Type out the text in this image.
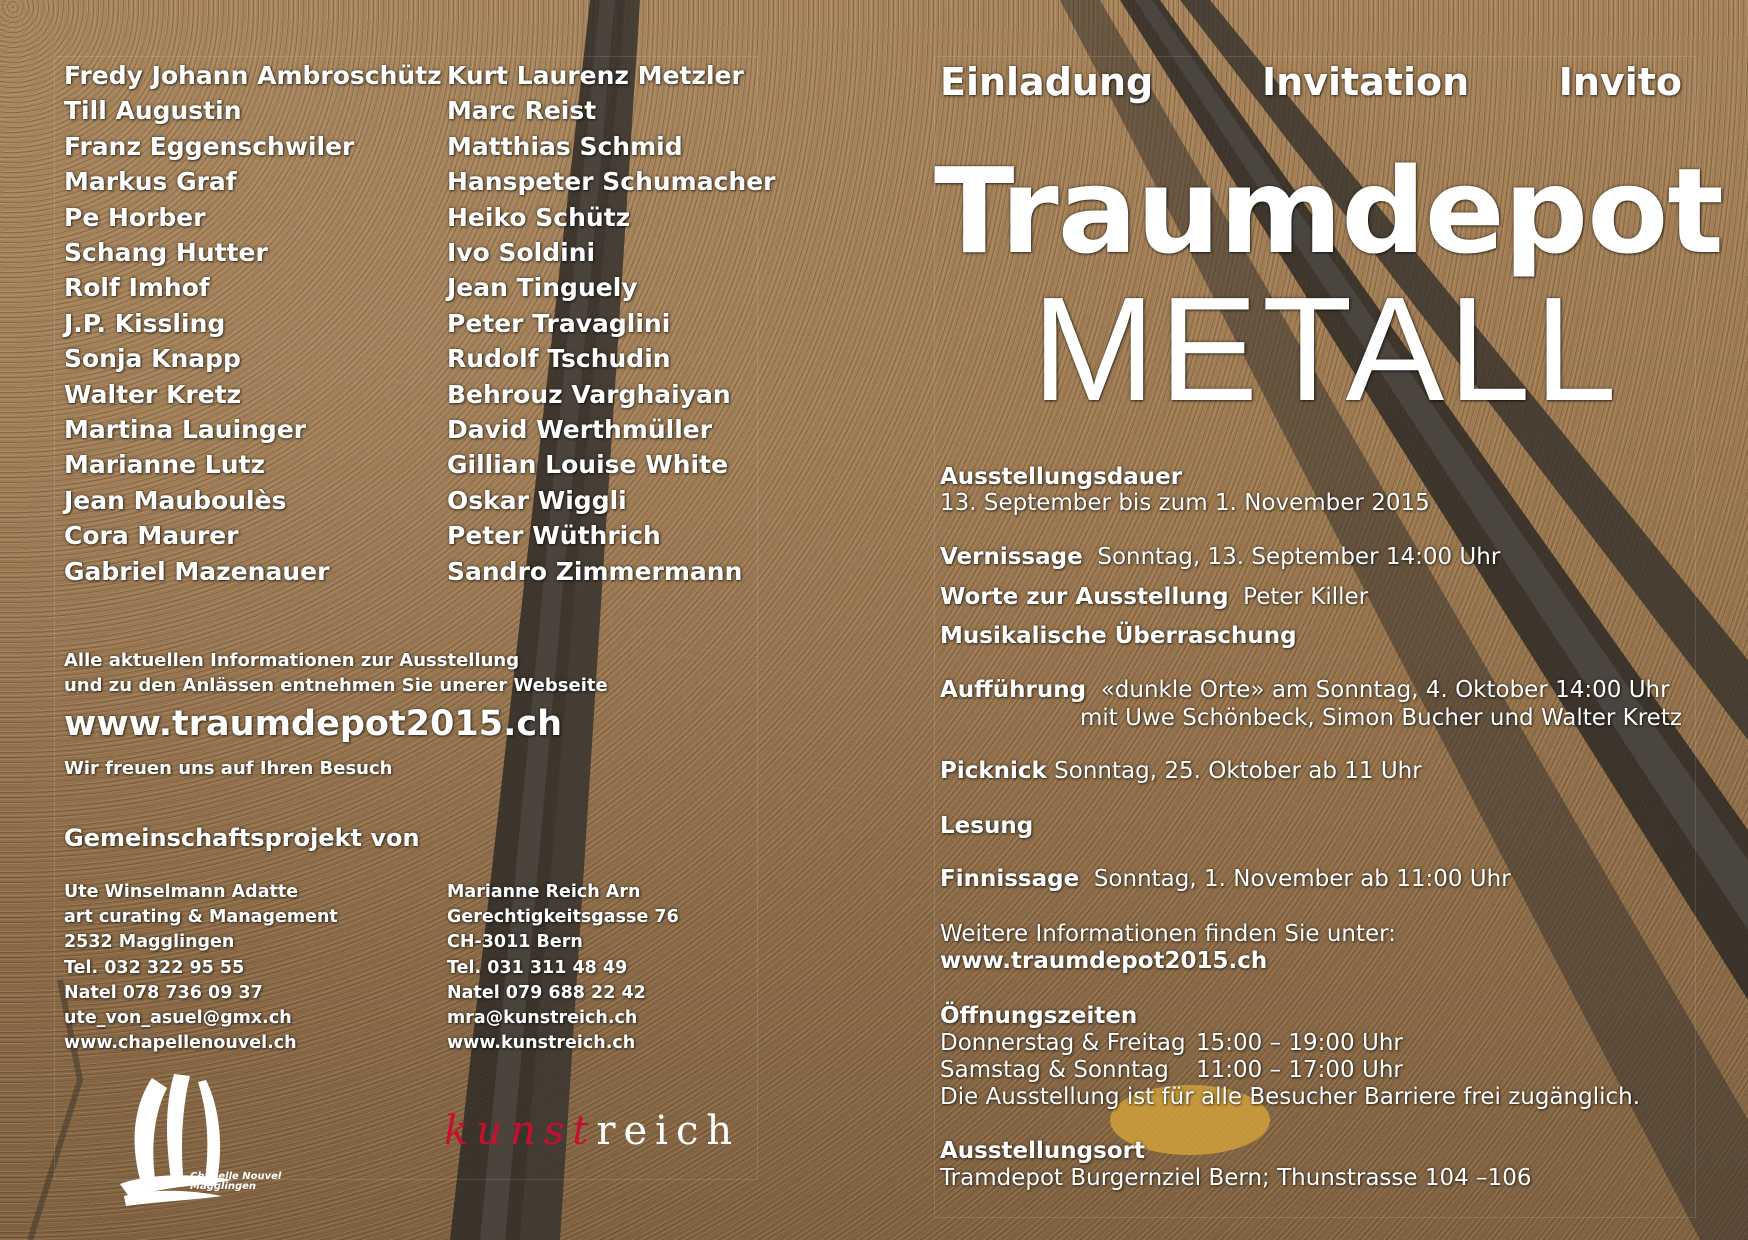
Fredy Johann Ambroschütz
Till Augustin
Franz Eggenschwiler
Markus Graf
Pe Horber
Schang Hutter
Rolf Imhof
J.P. Kissling
Sonja Knapp
Walter Kretz
Martina Lauinger
Marianne Lutz
Jean Mauboulès
Cora Maurer
Gabriel Mazenauer
Kurt Laurenz Metzler
Marc Reist
Matthias Schmid
Hanspeter Schumacher
Heiko Schütz
Ivo Soldini
Jean Tinguely
Peter Travaglini
Rudolf Tschudin
Behrouz Varghaiyan
David Werthmüller
Gillian Louise White
Oskar Wiggli
Peter Wüthrich
Sandro Zimmermann
Alle aktuellen Informationen zur Ausstellung
und zu den Anlässen entnehmen Sie unerer Webseite
www.traumdepot2015.ch
Wir freuen uns auf Ihren Besuch
Gemeinschaftsprojekt von
Ute Winselmann Adatte
art curating & Management
2532 Magglingen
Tel. 032 322 95 55
Natel 078 736 09 37
ute_von_asuel@gmx.ch
www.chapellenouvel.ch
Marianne Reich Arn
Gerechtigkeitsgasse 76
CH-3011 Bern
Tel. 031 311 48 49
Natel 079 688 22 42
mra@kunstreich.ch
www.kunstreich.ch
Chapelle Nouvel
Magglingen
kunstreich
Einladung	Invitation Invito
Traumdepot
METALL
Ausstellungsdauer
13. September bis zum 1. November 2015
Vernissage Sonntag, 13. September 14:00 Uhr
Worte zur Ausstellung Peter Killer
Musikalische Überraschung
Aufführung «dunkle Orte» am Sonntag, 4. Oktober 14:00 Uhr
mit Uwe Schönbeck, Simon Bucher und Walter Kretz
Picknick Sonntag, 25. Oktober ab 11 Uhr
Lesung
Finnissage Sonntag, 1. November ab 11:00 Uhr
Weitere Informationen finden Sie unter:
www.traumdepot2015.ch
Öffnungszeiten
Donnerstag & Freitag 15:00 – 19:00 Uhr
Samstag & Sonntag 11:00 – 17:00 Uhr
Die Ausstellung ist für alle Besucher Barriere frei zugänglich.
Ausstellungsort
Tramdepot Burgernziel Bern; Thunstrasse 104 –106
